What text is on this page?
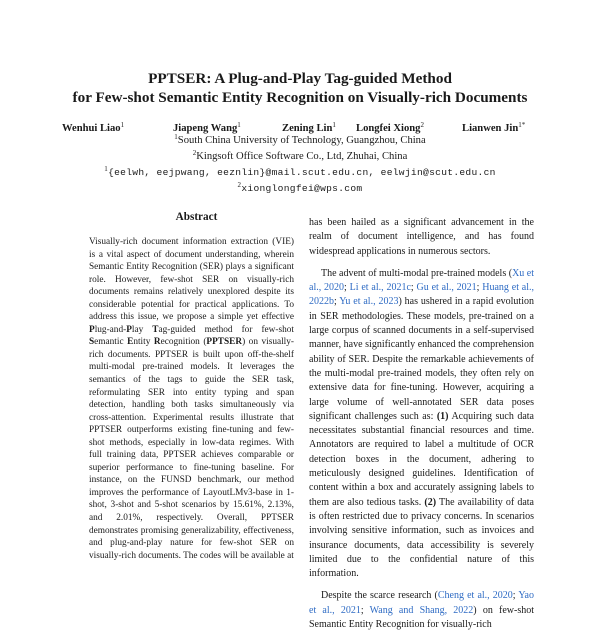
PPTSER: A Plug-and-Play Tag-guided Method
for Few-shot Semantic Entity Recognition on Visually-rich Documents
Wenhui Liao$^1$	Jiapeng Wang$^1$	Zening Lin$^1$ Longfei Xiong$^2$	Lianwen Jin$^{1*}$
$^1$South China University of Technology, Guangzhou, China
$^2$Kingsoft Office Software Co., Ltd, Zhuhai, China
$^1${eelwh, eejpwang, eeznlin}@mail.scut.edu.cn, eelwjin@scut.edu.cn
$^2$xionglongfei@wps.com
Abstract
Visually-rich document information extraction (VIE) is a vital aspect of document understanding, wherein Semantic Entity Recognition (SER) plays a significant role. However, few-shot SER on visually-rich documents remains relatively unexplored despite its considerable potential for practical applications. To address this issue, we propose a simple yet effective Plug-and-Play Tag-guided method for few-shot Semantic Entity Recognition (PPTSER) on visually-rich documents. PPTSER is built upon off-the-shelf multi-modal pre-trained models. It leverages the semantics of the tags to guide the SER task, reformulating SER into entity typing and span detection, handling both tasks simultaneously via cross-attention. Experimental results illustrate that PPTSER outperforms existing fine-tuning and few-shot methods, especially in low-data regimes. With full training data, PPTSER achieves comparable or superior performance to fine-tuning baseline. For instance, on the FUNSD benchmark, our method improves the performance of LayoutLMv3-base in 1-shot, 3-shot and 5-shot scenarios by 15.61%, 2.13%, and 2.01%, respectively. Overall, PPTSER demonstrates promising generalizability, effectiveness, and plug-and-play nature for few-shot SER on visually-rich documents. The codes will be available at

has been hailed as a significant advancement in the realm of document intelligence, and has found widespread applications in numerous sectors.

The advent of multi-modal pre-trained models (Xu et al., 2020; Li et al., 2021c; Gu et al., 2021; Huang et al., 2022b; Yu et al., 2023) has ushered in a rapid evolution in SER methodologies. These models, pre-trained on a large corpus of scanned documents in a self-supervised manner, have significantly enhanced the comprehension ability of SER. Despite the remarkable achievements of the multi-modal pre-trained models, they often rely on extensive data for fine-tuning. However, acquiring a large volume of well-annotated SER data poses significant challenges such as: (1) Acquiring such data necessitates substantial financial resources and time. Annotators are required to label a multitude of OCR detection boxes in the document, adhering to meticulously designed guidelines. Identification of content within a box and accurately assigning labels to them are also tedious tasks. (2) The availability of data is often restricted due to privacy concerns. In scenarios involving sensitive information, such as invoices and insurance documents, data accessibility is severely limited due to the confidential nature of this information.

Despite the scarce research (Cheng et al., 2020; Yao et al., 2021; Wang and Shang, 2022) on few-shot Semantic Entity Recognition for visually-rich
